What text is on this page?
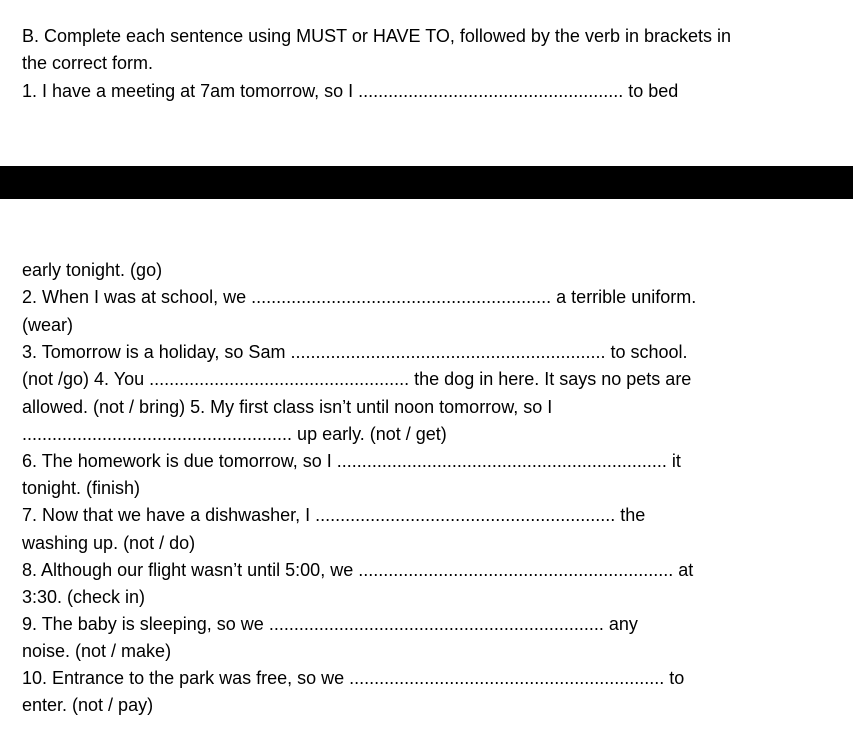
B. Complete each sentence using MUST or HAVE TO, followed by the verb in brackets in
the correct form.
1. I have a meeting at 7am tomorrow, so I ..................................................... to bed
early tonight. (go)
2. When I was at school, we ............................................................ a terrible uniform.
(wear)
3. Tomorrow is a holiday, so Sam ............................................................... to school.
(not /go) 4. You .................................................... the dog in here. It says no pets are
allowed. (not / bring) 5. My first class isn’t until noon tomorrow, so I
...................................................... up early. (not / get)
6. The homework is due tomorrow, so I .................................................................. it
tonight. (finish)
7. Now that we have a dishwasher, I ............................................................ the
washing up. (not / do)
8. Although our flight wasn’t until 5:00, we ............................................................... at
3:30. (check in)
9. The baby is sleeping, so we ................................................................... any
noise. (not / make)
10. Entrance to the park was free, so we ............................................................... to
enter. (not / pay)
